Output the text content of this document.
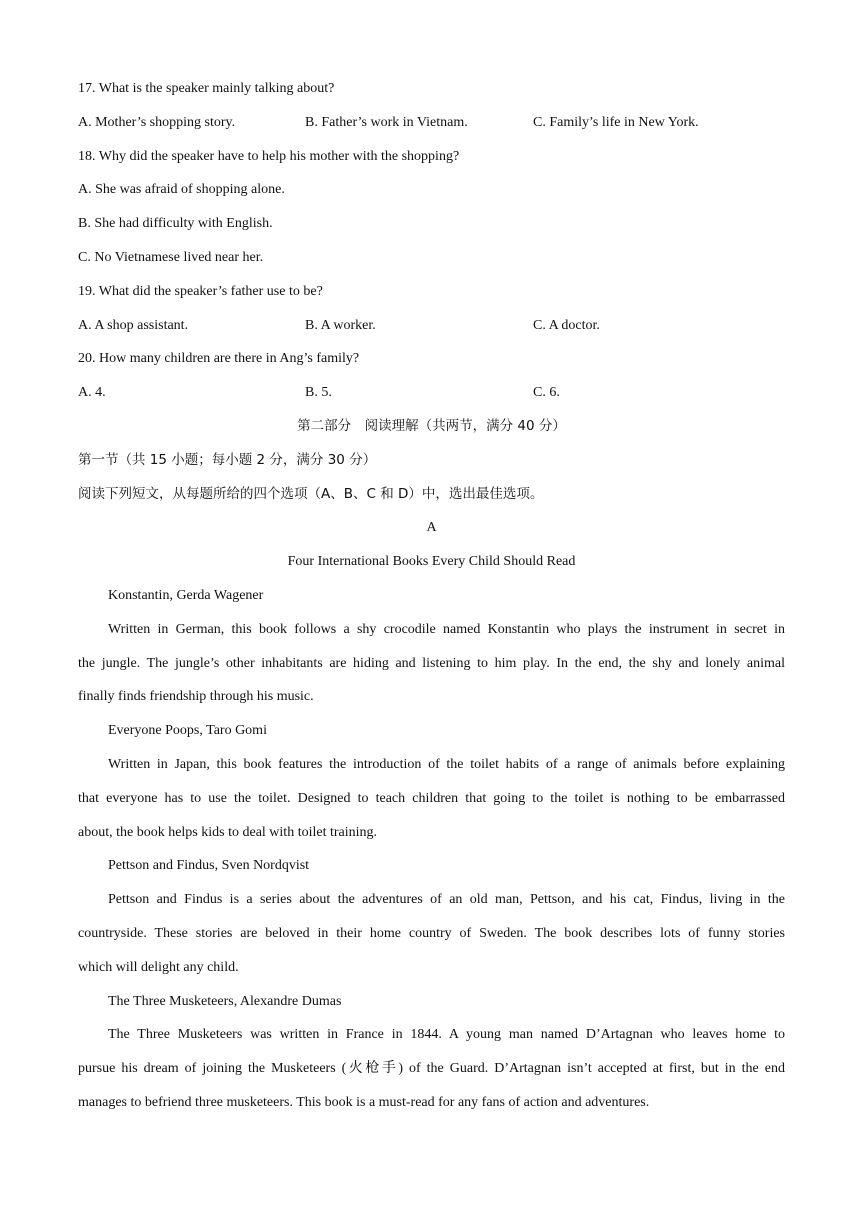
17. What is the speaker mainly talking about?
A. Mother’s shopping story.	B. Father’s work in Vietnam.	C. Family’s life in New York.
18. Why did the speaker have to help his mother with the shopping?
A. She was afraid of shopping alone.
B. She had difficulty with English.
C. No Vietnamese lived near her.
19. What did the speaker’s father use to be?
A. A shop assistant.	B. A worker.	C. A doctor.
20. How many children are there in Ang’s family?
A. 4.	B. 5.	C. 6.
第二部分　阅读理解（共两节，满分 40 分）
第一节（共 15 小题；每小题 2 分，满分 30 分）
阅读下列短文，从每题所给的四个选项（A、B、C 和 D）中，选出最佳选项。
A
Four International Books Every Child Should Read
Konstantin, Gerda Wagener
Written in German, this book follows a shy crocodile named Konstantin who plays the instrument in secret in
the jungle. The jungle’s other inhabitants are hiding and listening to him play. In the end, the shy and lonely animal
finally finds friendship through his music.
Everyone Poops, Taro Gomi
Written in Japan, this book features the introduction of the toilet habits of a range of animals before explaining
that everyone has to use the toilet. Designed to teach children that going to the toilet is nothing to be embarrassed
about, the book helps kids to deal with toilet training.
Pettson and Findus, Sven Nordqvist
Pettson and Findus is a series about the adventures of an old man, Pettson, and his cat, Findus, living in the
countryside. These stories are beloved in their home country of Sweden. The book describes lots of funny stories
which will delight any child.
The Three Musketeers, Alexandre Dumas
The Three Musketeers was written in France in 1844. A young man named D’Artagnan who leaves home to
pursue his dream of joining the Musketeers (火枪手) of the Guard. D’Artagnan isn’t accepted at first, but in the end
manages to befriend three musketeers. This book is a must-read for any fans of action and adventures.
